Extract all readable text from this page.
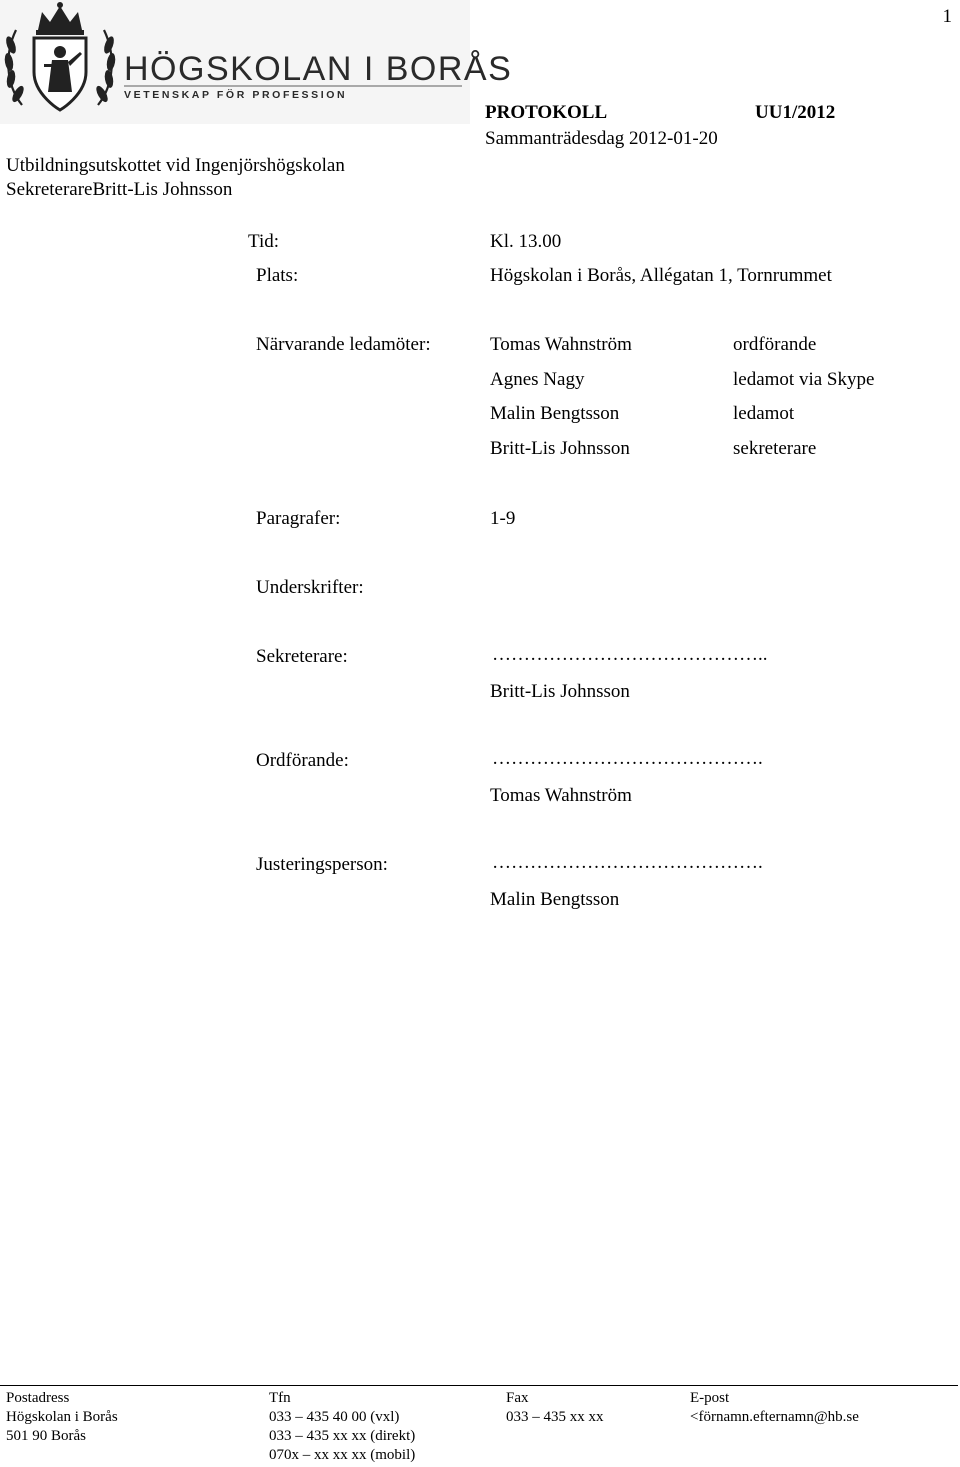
1
HÖGSKOLAN I BORÅS
VETENSKAP FÖR PROFESSION
PROTOKOLL	UU1/2012
Sammanträdesdag 2012-01-20
Utbildningsutskottet vid Ingenjörshögskolan
SekreterareBritt-Lis Johnsson
Tid:	Kl. 13.00
Plats:	Högskolan i Borås, Allégatan 1, Tornrummet
Närvarande ledamöter:	Tomas Wahnström	ordförande
Agnes Nagy	ledamot via Skype
Malin Bengtsson	ledamot
Britt-Lis Johnsson	sekreterare
Paragrafer:	1-9
Underskrifter:
Sekreterare:	……………………………………..
Britt-Lis Johnsson
Ordförande:	…………………………………….
Tomas Wahnström
Justeringsperson:	…………………………………….
Malin Bengtsson
Postadress
Högskolan i Borås
501 90 Borås
Tfn
033 – 435 40 00 (vxl)
033 – 435 xx xx (direkt)
070x – xx xx xx (mobil)
Fax
033 – 435 xx xx
E-post
<förnamn.efternamn@hb.se
